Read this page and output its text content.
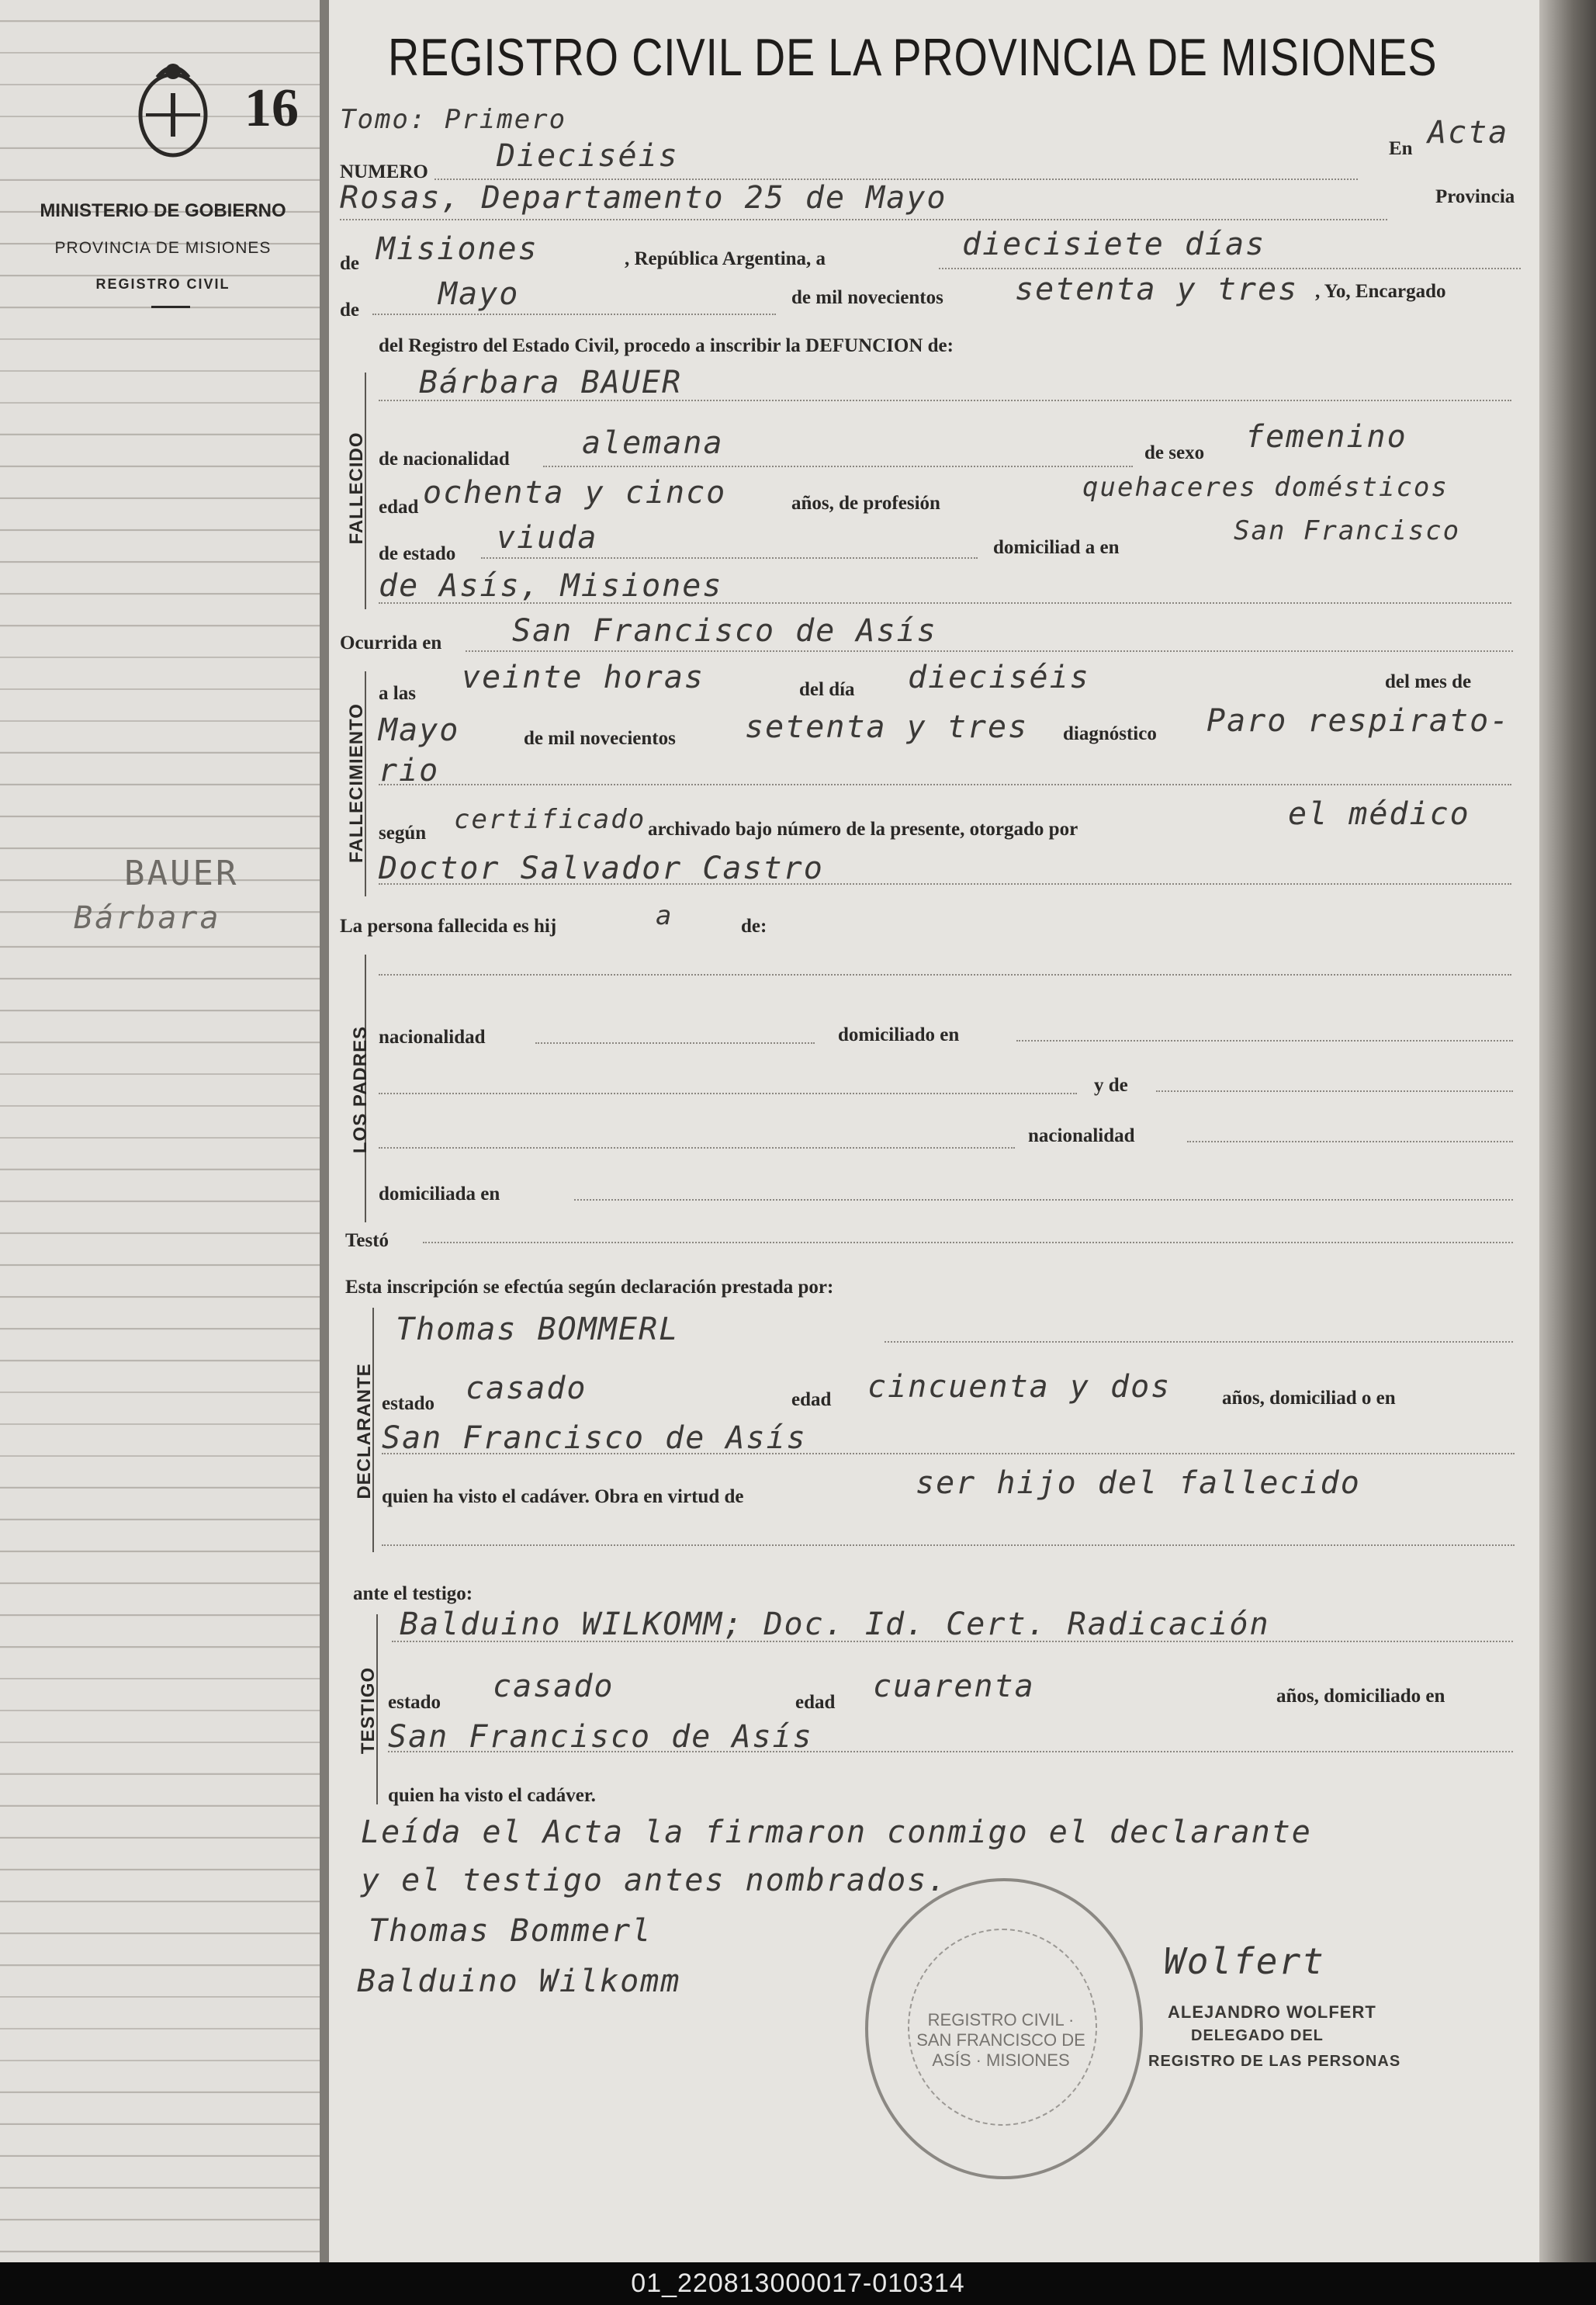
16
MINISTERIO DE GOBIERNO
PROVINCIA DE MISIONES
REGISTRO CIVIL
BAUER
Bárbara
REGISTRO CIVIL DE LA PROVINCIA DE MISIONES
Tomo: Primero
NUMERO Dieciséis	En Acta
Rosas, Departamento 25 de Mayo	Provincia
de Misiones	, República Argentina, a	diecisiete días
de	Mayo	de mil novecientos setenta y tres , Yo, Encargado
del Registro del Estado Civil, procedo a inscribir la DEFUNCION de:
FALLECIDO
Bárbara BAUER
de nacionalidad alemana	de sexo femenino
edad ochenta y cinco	años, de profesión
quehaceres domésticos
de estado viuda	domiciliad a en
San Francisco
de Asís, Misiones
Ocurrida en San Francisco de Asís
FALLECIMIENTO
a las veinte horas	del día dieciséis	del mes de
Mayo	de mil novecientos setenta y tres diagnóstico Paro respirato-
rio
según certificado archivado bajo número de la presente, otorgado por	el médico
Doctor Salvador Castro
La persona fallecida es hij	a	de:
LOS PADRES nacionalidad	domiciliado en
y de
nacionalidad
domiciliada en
Testó
Esta inscripción se efectúa según declaración prestada por:
DECLARANTE
Thomas BOMMERL
estado casado	edad cincuenta y dos	años, domiciliad o en
San Francisco de Asís
quien ha visto el cadáver. Obra en virtud de	ser hijo del fallecido
ante el testigo:
TESTIGO
Balduino WILKOMM; Doc. Id. Cert. Radicación
estado casado	edad cuarenta	años, domiciliado en
San Francisco de Asís
quien ha visto el cadáver.
Leída el Acta la firmaron conmigo el declarante
y el testigo antes nombrados.
Thomas Bommerl
Balduino Wilkomm
REGISTRO CIVIL · SAN FRANCISCO DE ASÍS · MISIONES
Wolfert
ALEJANDRO WOLFERT
DELEGADO DEL
REGISTRO DE LAS PERSONAS
01_220813000017-010314
